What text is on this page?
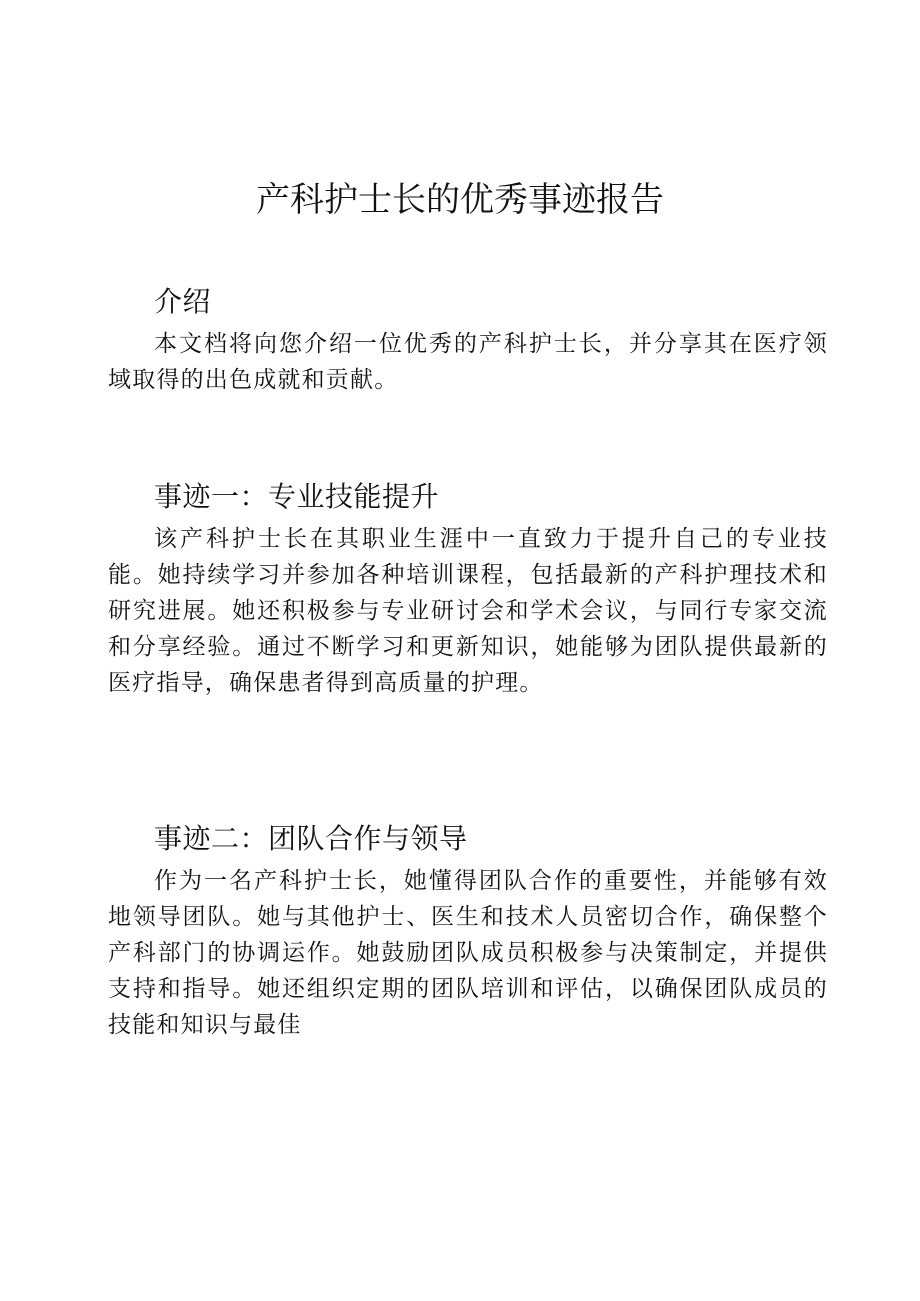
产科护士长的优秀事迹报告
介绍

本文档将向您介绍一位优秀的产科护士长，并分享其在医疗领域取得的出色成就和贡献。

事迹一：专业技能提升

该产科护士长在其职业生涯中一直致力于提升自己的专业技能。她持续学习并参加各种培训课程，包括最新的产科护理技术和研究进展。她还积极参与专业研讨会和学术会议，与同行专家交流和分享经验。通过不断学习和更新知识，她能够为团队提供最新的医疗指导，确保患者得到高质量的护理。

事迹二：团队合作与领导

作为一名产科护士长，她懂得团队合作的重要性，并能够有效地领导团队。她与其他护士、医生和技术人员密切合作，确保整个产科部门的协调运作。她鼓励团队成员积极参与决策制定，并提供支持和指导。她还组织定期的团队培训和评估，以确保团队成员的技能和知识与最佳
